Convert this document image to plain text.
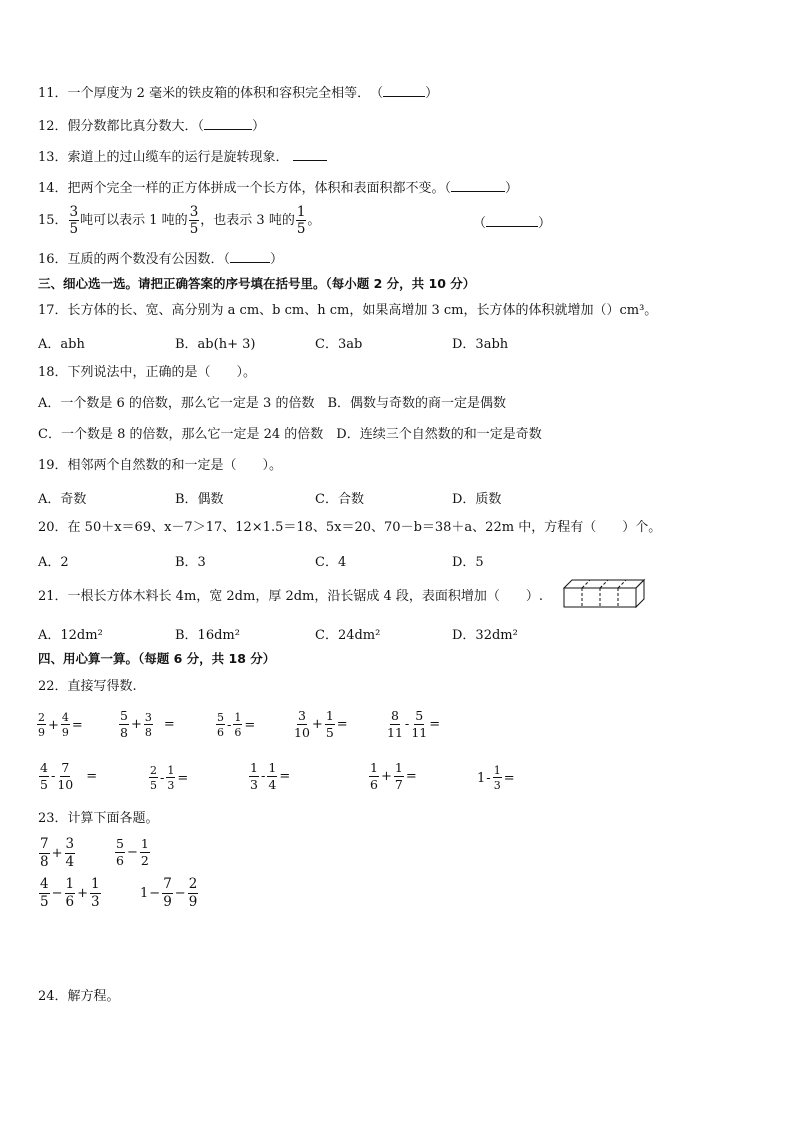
11．一个厚度为 2 毫米的铁皮箱的体积和容积完全相等．　（	）
12．假分数都比真分数大．（	）
13．索道上的过山缆车的运行是旋转现象．
14．把两个完全一样的正方体拼成一个长方体，体积和表面积都不变。（	）
15． $\frac{3}{5}$ 吨可以表示 1 吨的 $\frac{3}{5}$ ，也表示 3 吨的 $\frac{1}{5}$ 。	（	）
16．互质的两个数没有公因数．（	）
三、细心选一选。请把正确答案的序号填在括号里。（每小题 2 分，共 10 分）
17．长方体的长、宽、高分别为 a cm、b cm、h cm，如果高增加 3 cm，长方体的体积就增加（）cm³。
A．abh	B．ab(h+ 3)	C．3ab	D．3abh
18．下列说法中，正确的是（　　）。
A．一个数是 6 的倍数，那么它一定是 3 的倍数　B．偶数与奇数的商一定是偶数
C．一个数是 8 的倍数，那么它一定是 24 的倍数　D．连续三个自然数的和一定是奇数
19．相邻两个自然数的和一定是（　　）。
A．奇数	B．偶数	C．合数	D．质数
20．在 50＋x＝69、x－7＞17、12×1.5＝18、5x＝20、70－b＝38＋a、22m 中，方程有（　　）个。
A．2	B．3	C．4	D．5
21．一根长方体木料长 4m，宽 2dm，厚 2dm，沿长锯成 4 段，表面积增加（　　）.
A．12dm²	B．16dm²	C．24dm²	D．32dm²
四、用心算一算。（每题 6 分，共 18 分）
22．直接写得数.
$\frac{2}{9} + \frac{4}{9}$ =	$\frac{5}{8} + \frac{3}{8}$ =	$\frac{5}{6} - \frac{1}{6}$ =	$\frac{3}{10} + \frac{1}{5}$ =	$\frac{8}{11} - \frac{5}{11}$ =
$\frac{4}{5} - \frac{7}{10}$ =	$\frac{2}{5} - \frac{1}{3}$ =	$\frac{1}{3} - \frac{1}{4}$ =	$\frac{1}{6} + \frac{1}{7}$ =	$1 - \frac{1}{3}$ =
23．计算下面各题。
$\frac{7}{8} + \frac{3}{4}$	$\frac{5}{6} - \frac{1}{2}$
$\frac{4}{5} - \frac{1}{6} + \frac{1}{3}$	$1 - \frac{7}{9} - \frac{2}{9}$
24．解方程。
